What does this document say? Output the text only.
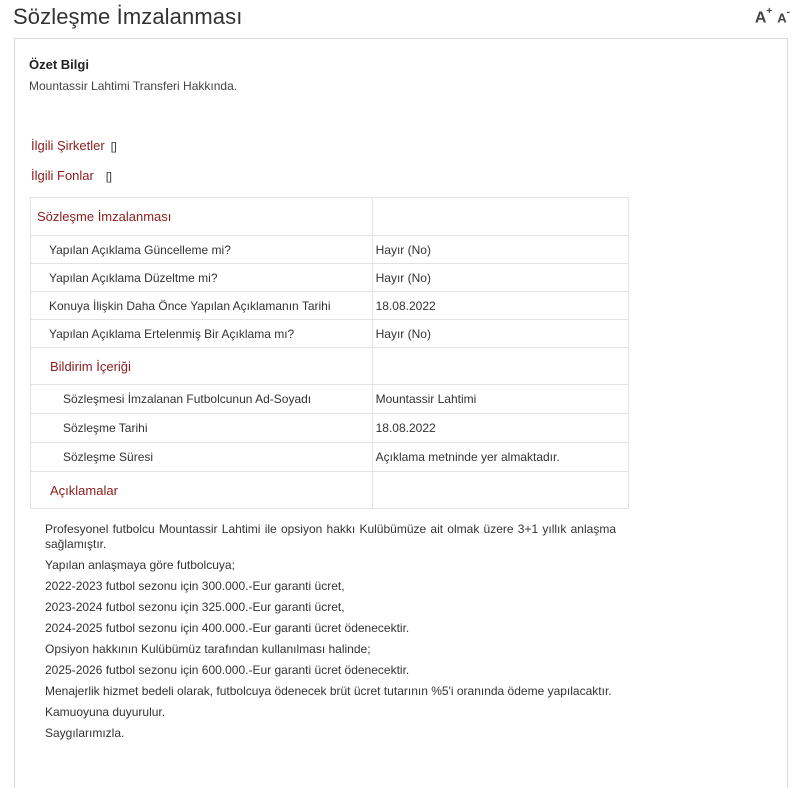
Sözleşme İmzalanması	A+ A-
Özet Bilgi
Mountassir Lahtimi Transferi Hakkında.
İlgili Şirketler []
İlgili Fonlar []
Sözleşme İmzalanması	
Yapılan Açıklama Güncelleme mi?	Hayır (No)
Yapılan Açıklama Düzeltme mi?	Hayır (No)
Konuya İlişkin Daha Önce Yapılan Açıklamanın Tarihi	18.08.2022
Yapılan Açıklama Ertelenmiş Bir Açıklama mı?	Hayır (No)
Bildirim İçeriği	
Sözleşmesi İmzalanan Futbolcunun Ad-Soyadı	Mountassir Lahtimi
Sözleşme Tarihi	18.08.2022
Sözleşme Süresi	Açıklama metninde yer almaktadır.
Açıklamalar	

Profesyonel futbolcu Mountassir Lahtimi ile opsiyon hakkı Kulübümüze ait olmak üzere 3+1 yıllık anlaşma sağlamıştır.

Yapılan anlaşmaya göre futbolcuya;

2022-2023 futbol sezonu için 300.000.-Eur garanti ücret,

2023-2024 futbol sezonu için 325.000.-Eur garanti ücret,

2024-2025 futbol sezonu için 400.000.-Eur garanti ücret ödenecektir.

Opsiyon hakkının Kulübümüz tarafından kullanılması halinde;

2025-2026 futbol sezonu için 600.000.-Eur garanti ücret ödenecektir.

Menajerlik hizmet bedeli olarak, futbolcuya ödenecek brüt ücret tutarının %5'i oranında ödeme yapılacaktır.

Kamuoyuna duyurulur.

Saygılarımızla.
